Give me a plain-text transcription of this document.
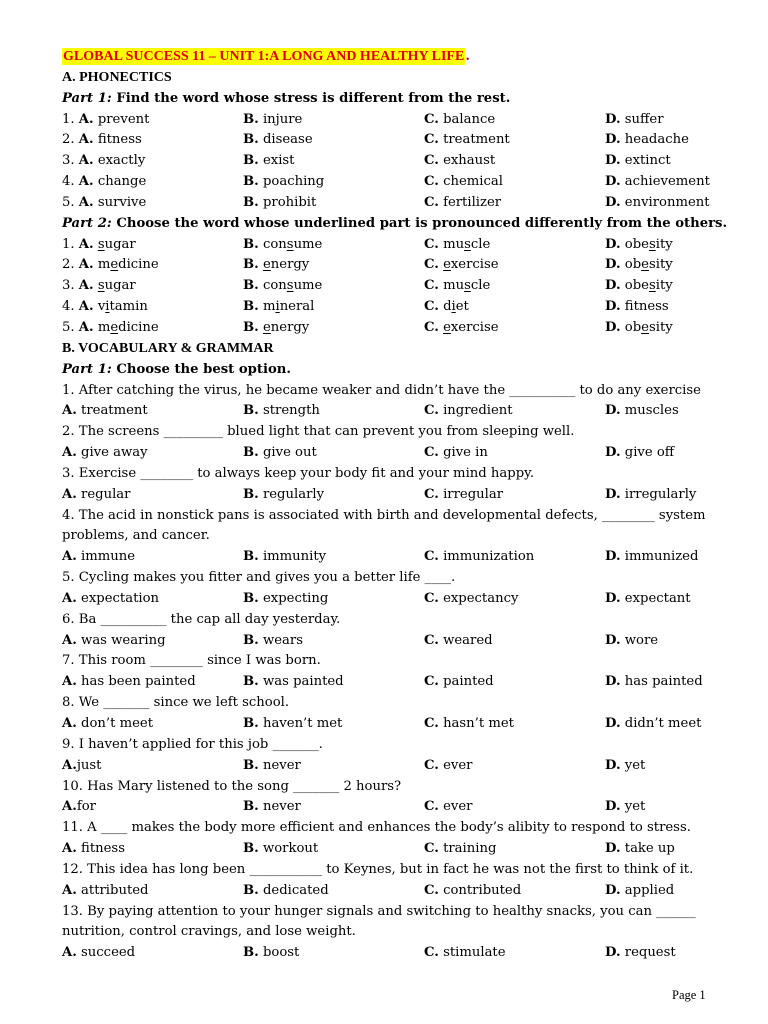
GLOBAL SUCCESS 11 – UNIT 1:A LONG AND HEALTHY LIFE.
A. PHONECTICS
Part 1: Find the word whose stress is different from the rest.
1. A. prevent	B. injure	C. balance	D. suffer
2. A. fitness	B. disease	C. treatment	D. headache
3. A. exactly	B. exist	C. exhaust	D. extinct
4. A. change	B. poaching	C. chemical	D. achievement
5. A. survive	B. prohibit	C. fertilizer	D. environment
Part 2: Choose the word whose underlined part is pronounced differently from the others.
1. A. sugar	B. consume	C. muscle	D. obesity
2. A. medicine	B. energy	C. exercise	D. obesity
3. A. sugar	B. consume	C. muscle	D. obesity
4. A. vitamin	B. mineral	C. diet	D. ftness
5. A. medicine	B. energy	C. exercise	D. obesity
B. VOCABULARY & GRAMMAR
Part 1: Choose the best option.
1. After catching the virus, he became weaker and didn’t have the __________ to do any exercise
A. treatment	B. strength	C. ingredient	D. muscles
2. The screens _________ blued light that can prevent you from sleeping well.
A. give away	B. give out	C. give in	D. give off
3. Exercise ________ to always keep your body fit and your mind happy.
A. regular	B. regularly	C. irregular	D. irregularly
4. The acid in nonstick pans is associated with birth and developmental defects, ________ system
problems, and cancer.
A. immune	B. immunity	C. immunization	D. immunized
5. Cycling makes you fitter and gives you a better life ____.
A. expectation	B. expecting	C. expectancy	D. expectant
6. Ba __________ the cap all day yesterday.
A. was wearing	B. wears	C. weared	D. wore
7. This room ________ since I was born.
A. has been painted	B. was painted	C. painted	D. has painted
8. We _______ since we left school.
A. don’t meet	B. haven’t met	C. hasn’t met	D. didn’t meet
9. I haven’t applied for this job _______.
A.just	B. never	C. ever	D. yet
10. Has Mary listened to the song _______ 2 hours?
A.for	B. never	C. ever	D. yet
11. A ____ makes the body more efficient and enhances the body’s alibity to respond to stress.
A. fitness	B. workout	C. training	D. take up
12. This idea has long been ___________ to Keynes, but in fact he was not the first to think of it.
A. attributed	B. dedicated	C. contributed	D. applied
13. By paying attention to your hunger signals and switching to healthy snacks, you can ______
nutrition, control cravings, and lose weight.
A. succeed	B. boost	C. stimulate	D. request
Page 1
